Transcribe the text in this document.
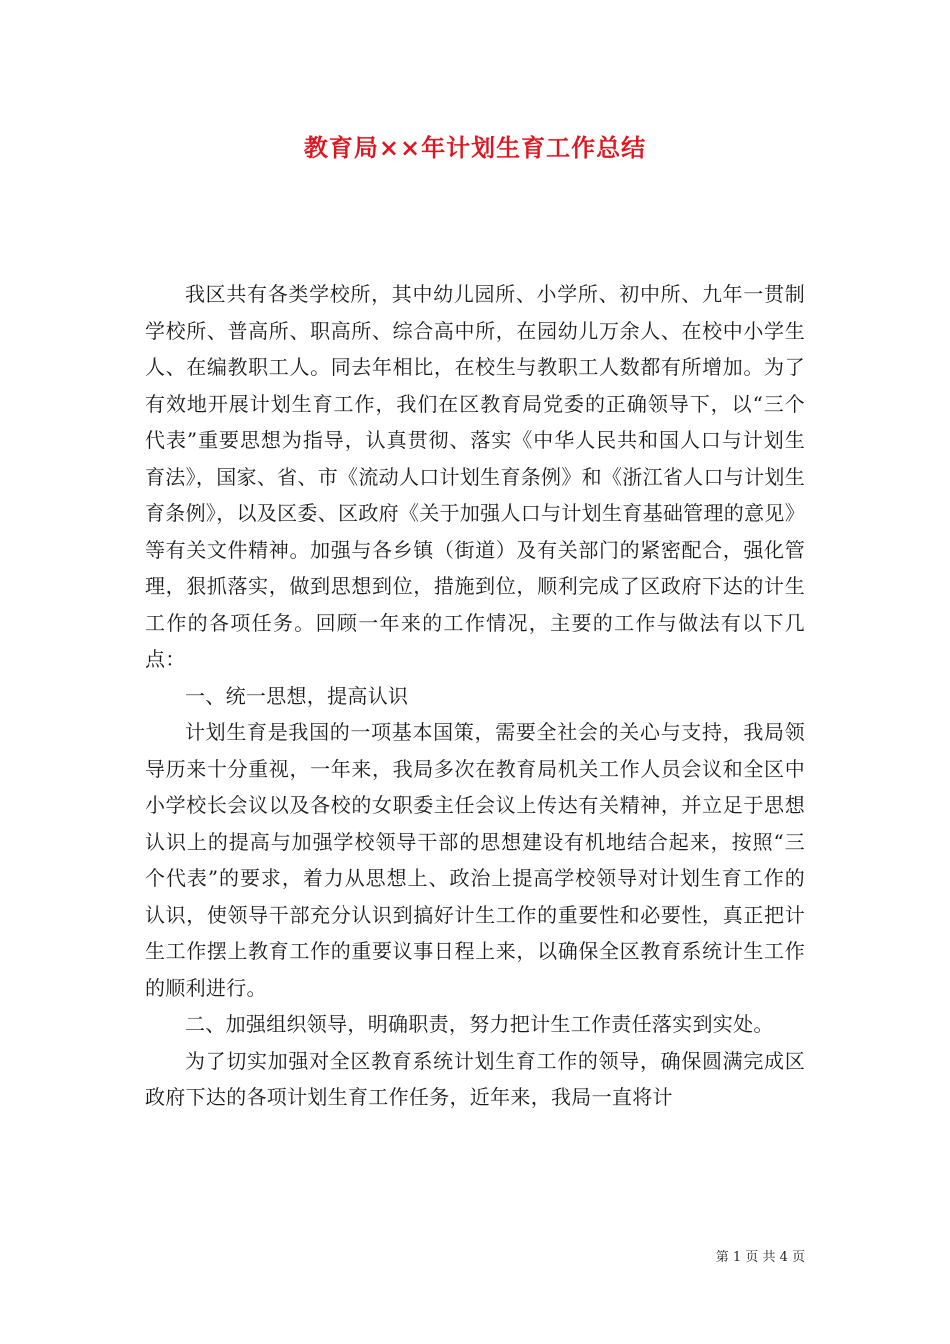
教育局××年计划生育工作总结

我区共有各类学校所，其中幼儿园所、小学所、初中所、九年一贯制学校所、普高所、职高所、综合高中所，在园幼儿万余人、在校中小学生人、在编教职工人。同去年相比，在校生与教职工人数都有所增加。为了有效地开展计划生育工作，我们在区教育局党委的正确领导下，以“三个代表”重要思想为指导，认真贯彻、落实《中华人民共和国人口与计划生育法》，国家、省、市《流动人口计划生育条例》和《浙江省人口与计划生育条例》，以及区委、区政府《关于加强人口与计划生育基础管理的意见》等有关文件精神。加强与各乡镇（街道）及有关部门的紧密配合，强化管理，狠抓落实，做到思想到位，措施到位，顺利完成了区政府下达的计生工作的各项任务。回顾一年来的工作情况，主要的工作与做法有以下几点：

一、统一思想，提高认识

计划生育是我国的一项基本国策，需要全社会的关心与支持，我局领导历来十分重视，一年来，我局多次在教育局机关工作人员会议和全区中小学校长会议以及各校的女职委主任会议上传达有关精神，并立足于思想认识上的提高与加强学校领导干部的思想建设有机地结合起来，按照“三个代表”的要求，着力从思想上、政治上提高学校领导对计划生育工作的认识，使领导干部充分认识到搞好计生工作的重要性和必要性，真正把计生工作摆上教育工作的重要议事日程上来，以确保全区教育系统计生工作的顺利进行。

二、加强组织领导，明确职责，努力把计生工作责任落实到实处。

为了切实加强对全区教育系统计划生育工作的领导，确保圆满完成区政府下达的各项计划生育工作任务，近年来，我局一直将计

第 1 页 共 4 页
